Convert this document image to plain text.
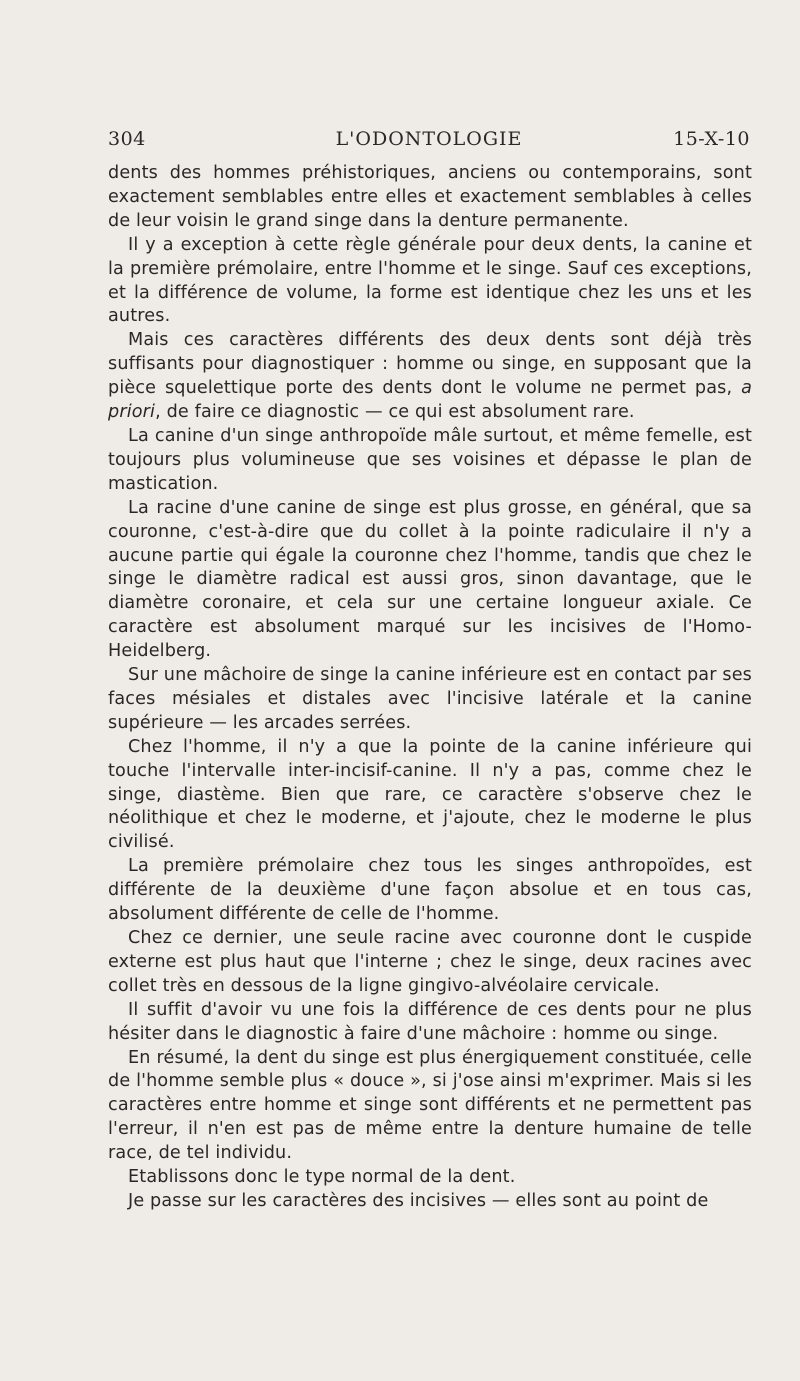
304	L'ODONTOLOGIE	15-X-10

dents des hommes préhistoriques, anciens ou contemporains, sont exactement semblables entre elles et exactement semblables à celles de leur voisin le grand singe dans la denture permanente.

Il y a exception à cette règle générale pour deux dents, la canine et la première prémolaire, entre l'homme et le singe. Sauf ces exceptions, et la différence de volume, la forme est identique chez les uns et les autres.

Mais ces caractères différents des deux dents sont déjà très suffisants pour diagnostiquer : homme ou singe, en supposant que la pièce squelettique porte des dents dont le volume ne permet pas, a priori, de faire ce diagnostic — ce qui est absolument rare.

La canine d'un singe anthropoïde mâle surtout, et même femelle, est toujours plus volumineuse que ses voisines et dépasse le plan de mastication.

La racine d'une canine de singe est plus grosse, en général, que sa couronne, c'est-à-dire que du collet à la pointe radiculaire il n'y a aucune partie qui égale la couronne chez l'homme, tandis que chez le singe le diamètre radical est aussi gros, sinon davantage, que le diamètre coronaire, et cela sur une certaine longueur axiale. Ce caractère est absolument marqué sur les incisives de l'Homo-Heidelberg.

Sur une mâchoire de singe la canine inférieure est en contact par ses faces mésiales et distales avec l'incisive latérale et la canine supérieure — les arcades serrées.

Chez l'homme, il n'y a que la pointe de la canine inférieure qui touche l'intervalle inter-incisif-canine. Il n'y a pas, comme chez le singe, diastème. Bien que rare, ce caractère s'observe chez le néolithique et chez le moderne, et j'ajoute, chez le moderne le plus civilisé.

La première prémolaire chez tous les singes anthropoïdes, est différente de la deuxième d'une façon absolue et en tous cas, absolument différente de celle de l'homme.

Chez ce dernier, une seule racine avec couronne dont le cuspide externe est plus haut que l'interne ; chez le singe, deux racines avec collet très en dessous de la ligne gingivo-alvéolaire cervicale.

Il suffit d'avoir vu une fois la différence de ces dents pour ne plus hésiter dans le diagnostic à faire d'une mâchoire : homme ou singe.

En résumé, la dent du singe est plus énergiquement constituée, celle de l'homme semble plus « douce », si j'ose ainsi m'exprimer. Mais si les caractères entre homme et singe sont différents et ne permettent pas l'erreur, il n'en est pas de même entre la denture humaine de telle race, de tel individu.

Etablissons donc le type normal de la dent.

Je passe sur les caractères des incisives — elles sont au point de
